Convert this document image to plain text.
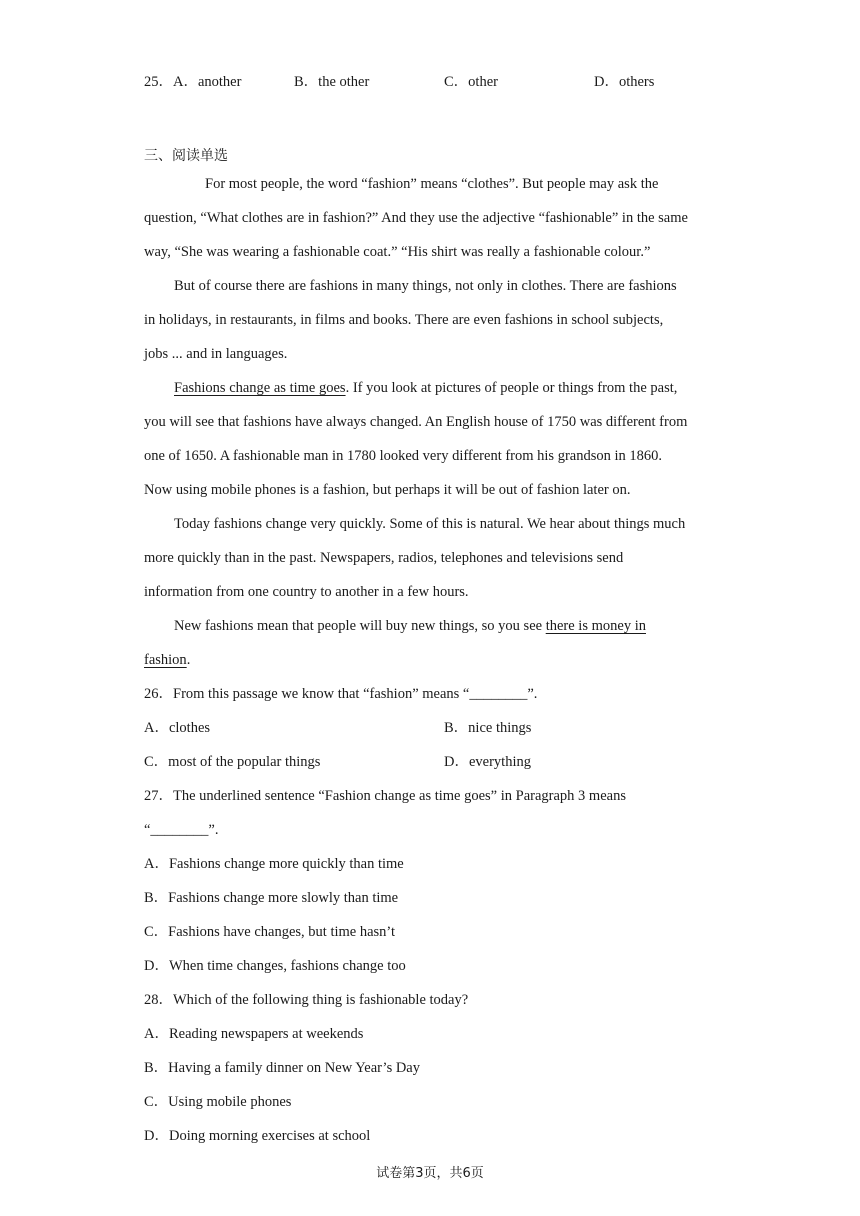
25．A．another	B．the other	C．other	D．others
三、阅读单选
For most people, the word “fashion” means “clothes”. But people may ask the
question, “What clothes are in fashion?” And they use the adjective “fashionable” in the same
way, “She was wearing a fashionable coat.” “His shirt was really a fashionable colour.”
But of course there are fashions in many things, not only in clothes. There are fashions
in holidays, in restaurants, in films and books. There are even fashions in school subjects,
jobs ... and in languages.
Fashions change as time goes. If you look at pictures of people or things from the past,
you will see that fashions have always changed. An English house of 1750 was different from
one of 1650. A fashionable man in 1780 looked very different from his grandson in 1860.
Now using mobile phones is a fashion, but perhaps it will be out of fashion later on.
Today fashions change very quickly. Some of this is natural. We hear about things much
more quickly than in the past. Newspapers, radios, telephones and televisions send
information from one country to another in a few hours.
New fashions mean that people will buy new things, so you see there is money in
fashion.
26．From this passage we know that “fashion” means “________”.
A．clothes	B．nice things
C．most of the popular things	D．everything
27．The underlined sentence “Fashion change as time goes” in Paragraph 3 means
“________”.
A．Fashions change more quickly than time
B．Fashions change more slowly than time
C．Fashions have changes, but time hasn’t
D．When time changes, fashions change too
28．Which of the following thing is fashionable today?
A．Reading newspapers at weekends
B．Having a family dinner on New Year’s Day
C．Using mobile phones
D．Doing morning exercises at school
试卷第3页，共6页
